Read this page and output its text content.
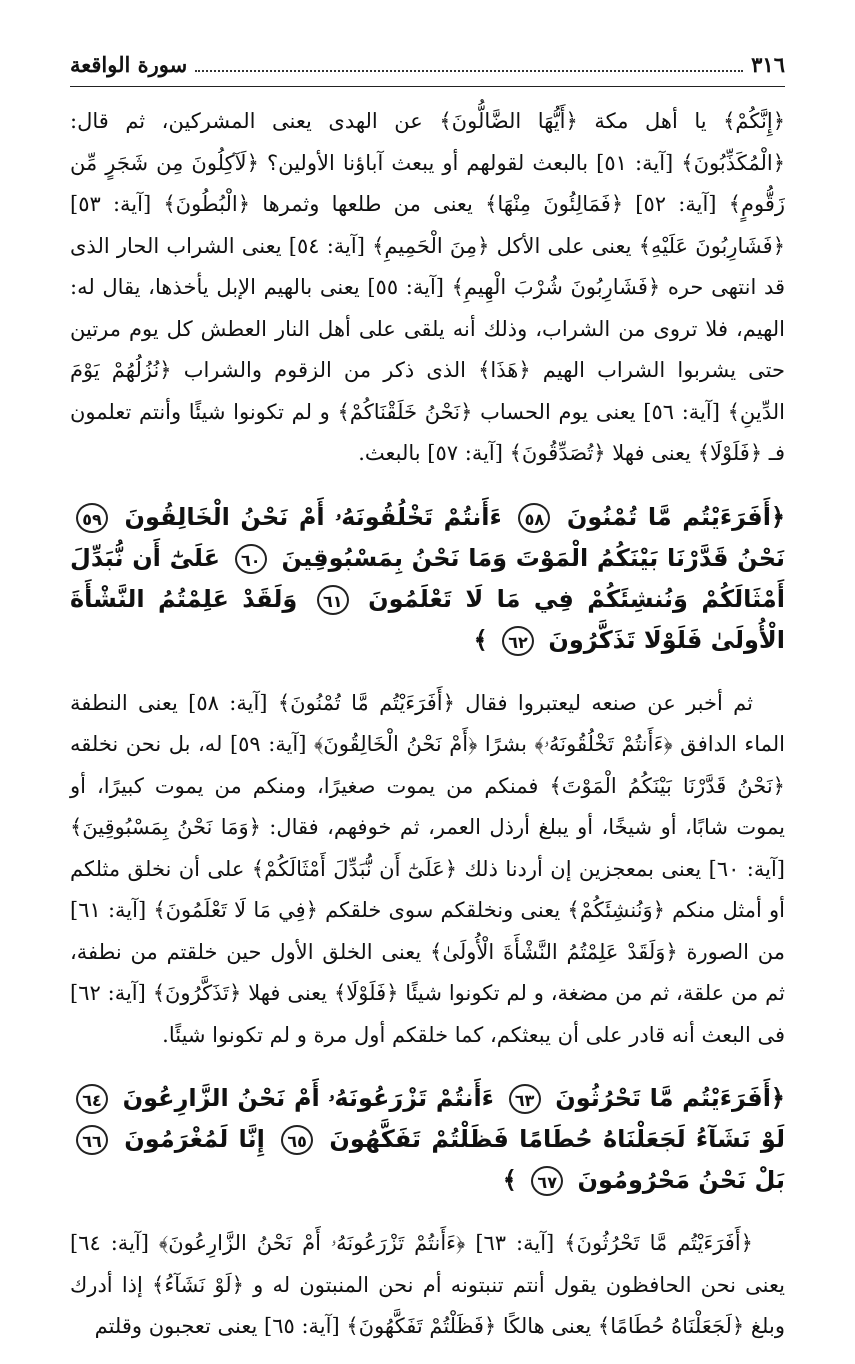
٣١٦
سورة الواقعة

﴿إِنَّكُمْ﴾ يا أهل مكة ﴿أَيُّهَا الضَّالُّونَ﴾ عن الهدى يعنى المشركين، ثم قال: ﴿الْمُكَذِّبُونَ﴾ [آية: ٥١] بالبعث لقولهم أو يبعث آباؤنا الأولين؟ ﴿لَآكِلُونَ مِن شَجَرٍ مِّن زَقُّومٍ﴾ [آية: ٥٢] ﴿فَمَالِئُونَ مِنْهَا﴾ يعنى من طلعها وثمرها ﴿الْبُطُونَ﴾ [آية: ٥٣] ﴿فَشَارِبُونَ عَلَيْهِ﴾ يعنى على الأكل ﴿مِنَ الْحَمِيمِ﴾ [آية: ٥٤] يعنى الشراب الحار الذى قد انتهى حره ﴿فَشَارِبُونَ شُرْبَ الْهِيمِ﴾ [آية: ٥٥] يعنى بالهيم الإبل يأخذها، يقال له: الهيم، فلا تروى من الشراب، وذلك أنه يلقى على أهل النار العطش كل يوم مرتين حتى يشربوا الشراب الهيم ﴿هَذَا﴾ الذى ذكر من الزقوم والشراب ﴿نُزُلُهُمْ يَوْمَ الدِّينِ﴾ [آية: ٥٦] يعنى يوم الحساب ﴿نَحْنُ خَلَقْنَاكُمْ﴾ و لم تكونوا شيئًا وأنتم تعلمون فـ ﴿فَلَوْلَا﴾ يعنى فهلا ﴿تُصَدِّقُونَ﴾ [آية: ٥٧] بالبعث.

﴿أَفَرَءَيْتُم مَّا تُمْنُونَ ٥٨ ءَأَنتُمْ تَخْلُقُونَهُۥ أَمْ نَحْنُ الْخَالِقُونَ ٥٩ نَحْنُ قَدَّرْنَا بَيْنَكُمُ الْمَوْتَ وَمَا نَحْنُ بِمَسْبُوقِينَ ٦٠ عَلَىٰٓ أَن نُّبَدِّلَ أَمْثَالَكُمْ وَنُنشِئَكُمْ فِي مَا لَا تَعْلَمُونَ ٦١ وَلَقَدْ عَلِمْتُمُ النَّشْأَةَ الْأُولَىٰ فَلَوْلَا تَذَكَّرُونَ ٦٢ ﴾

ثم أخبر عن صنعه ليعتبروا فقال ﴿أَفَرَءَيْتُم مَّا تُمْنُونَ﴾ [آية: ٥٨] يعنى النطفة الماء الدافق ﴿ءَأَنتُمْ تَخْلُقُونَهُۥ﴾ بشرًا ﴿أَمْ نَحْنُ الْخَالِقُونَ﴾ [آية: ٥٩] له، بل نحن نخلقه ﴿نَحْنُ قَدَّرْنَا بَيْنَكُمُ الْمَوْتَ﴾ فمنكم من يموت صغيرًا، ومنكم من يموت كبيرًا، أو يموت شابًا، أو شيخًا، أو يبلغ أرذل العمر، ثم خوفهم، فقال: ﴿وَمَا نَحْنُ بِمَسْبُوقِينَ﴾ [آية: ٦٠] يعنى بمعجزين إن أردنا ذلك ﴿عَلَىٰٓ أَن نُّبَدِّلَ أَمْثَالَكُمْ﴾ على أن نخلق مثلكم أو أمثل منكم ﴿وَنُنشِئَكُمْ﴾ يعنى ونخلقكم سوى خلقكم ﴿فِي مَا لَا تَعْلَمُونَ﴾ [آية: ٦١] من الصورة ﴿وَلَقَدْ عَلِمْتُمُ النَّشْأَةَ الْأُولَىٰ﴾ يعنى الخلق الأول حين خلقتم من نطفة، ثم من علقة، ثم من مضغة، و لم تكونوا شيئًا ﴿فَلَوْلَا﴾ يعنى فهلا ﴿تَذَكَّرُونَ﴾ [آية: ٦٢] فى البعث أنه قادر على أن يبعثكم، كما خلقكم أول مرة و لم تكونوا شيئًا.

﴿أَفَرَءَيْتُم مَّا تَحْرُثُونَ ٦٣ ءَأَنتُمْ تَزْرَعُونَهُۥ أَمْ نَحْنُ الزَّارِعُونَ ٦٤ لَوْ نَشَآءُ لَجَعَلْنَاهُ حُطَامًا فَظَلْتُمْ تَفَكَّهُونَ ٦٥ إِنَّا لَمُغْرَمُونَ ٦٦ بَلْ نَحْنُ مَحْرُومُونَ ٦٧ ﴾

﴿أَفَرَءَيْتُم مَّا تَحْرُثُونَ﴾ [آية: ٦٣] ﴿ءَأَنتُمْ تَزْرَعُونَهُۥ أَمْ نَحْنُ الزَّارِعُونَ﴾ [آية: ٦٤] يعنى نحن الحافظون يقول أنتم تنبتونه أم نحن المنبتون له و ﴿لَوْ نَشَآءُ﴾ إذا أدرك وبلغ ﴿لَجَعَلْنَاهُ حُطَامًا﴾ يعنى هالكًا ﴿فَظَلْتُمْ تَفَكَّهُونَ﴾ [آية: ٦٥] يعنى تعجبون وقلتم
